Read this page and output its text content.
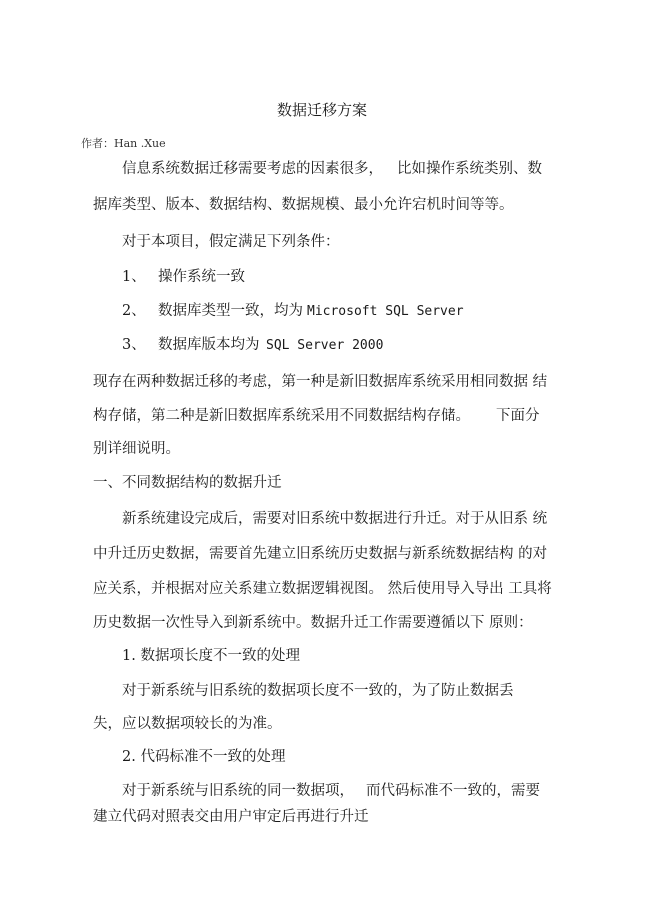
数据迁移方案
作者：Han .Xue
信息系统数据迁移需要考虑的因素很多， 比如操作系统类别、数
据库类型、版本、数据结构、数据规模、最小允许宕机时间等等。
对于本项目，假定满足下列条件：
1、 操作系统一致
2、 数据库类型一致，均为 Microsoft SQL Server
3、 数据库版本均为 SQL Server 2000
现存在两种数据迁移的考虑，第一种是新旧数据库系统采用相同数据 结
构存储，第二种是新旧数据库系统采用不同数据结构存储。 下面分
别详细说明。
一、不同数据结构的数据升迁
新系统建设完成后，需要对旧系统中数据进行升迁。对于从旧系 统
中升迁历史数据，需要首先建立旧系统历史数据与新系统数据结构 的对
应关系，并根据对应关系建立数据逻辑视图。 然后使用导入导出 工具将
历史数据一次性导入到新系统中。数据升迁工作需要遵循以下 原则：
1. 数据项长度不一致的处理
对于新系统与旧系统的数据项长度不一致的，为了防止数据丢
失，应以数据项较长的为准。
2. 代码标准不一致的处理
对于新系统与旧系统的同一数据项， 而代码标准不一致的，需要
建立代码对照表交由用户审定后再进行升迁
